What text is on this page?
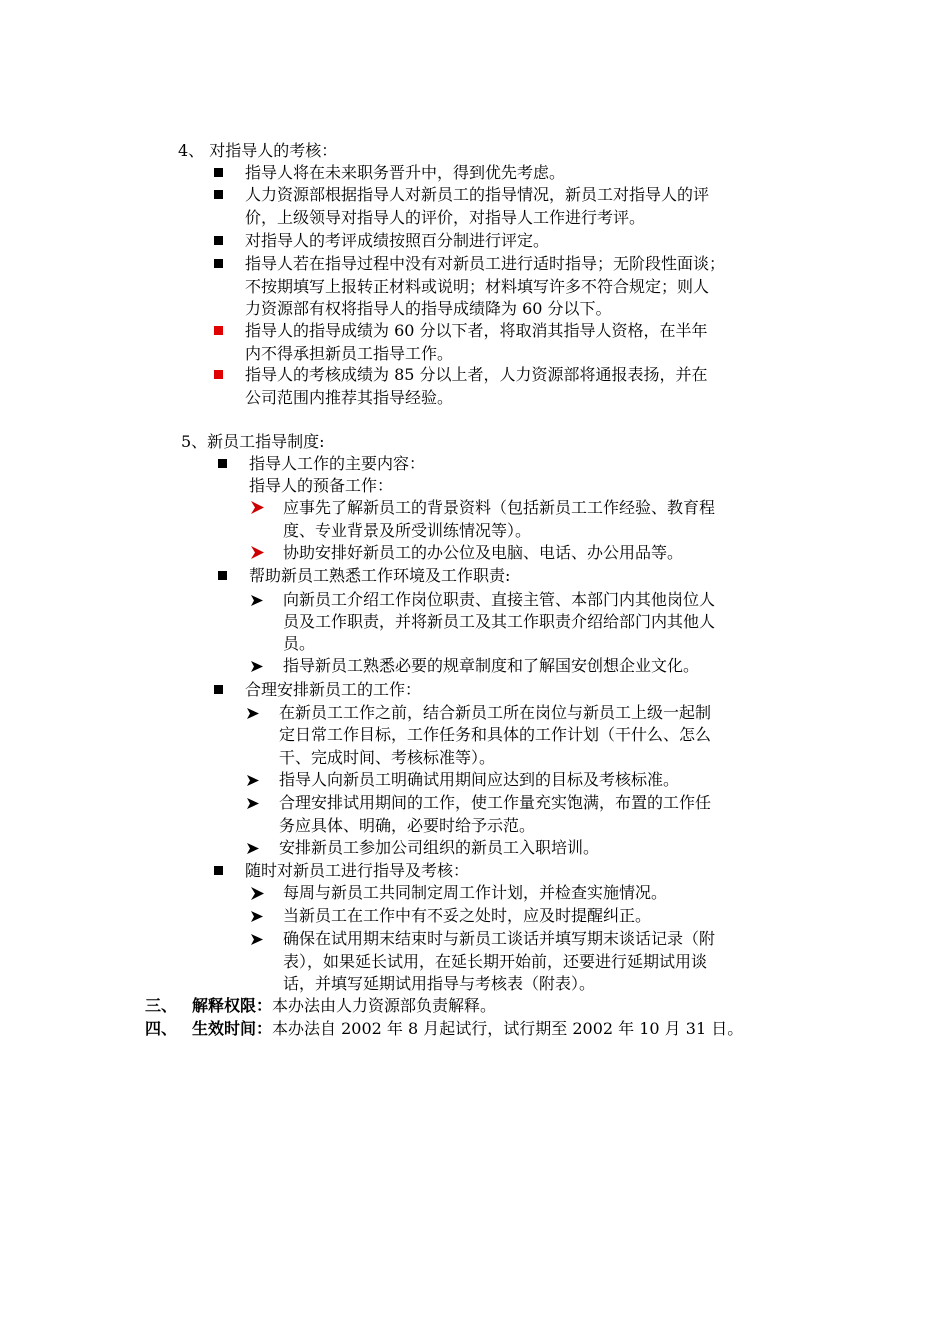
4、 对指导人的考核：
指导人将在未来职务晋升中，得到优先考虑。
人力资源部根据指导人对新员工的指导情况，新员工对指导人的评
价，上级领导对指导人的评价，对指导人工作进行考评。
对指导人的考评成绩按照百分制进行评定。
指导人若在指导过程中没有对新员工进行适时指导；无阶段性面谈；
不按期填写上报转正材料或说明；材料填写许多不符合规定；则人
力资源部有权将指导人的指导成绩降为 60 分以下。
指导人的指导成绩为 60 分以下者，将取消其指导人资格，在半年
内不得承担新员工指导工作。
指导人的考核成绩为 85 分以上者，人力资源部将通报表扬，并在
公司范围内推荐其指导经验。
5、新员工指导制度:
指导人工作的主要内容：
指导人的预备工作：
应事先了解新员工的背景资料（包括新员工工作经验、教育程
度、专业背景及所受训练情况等）。
协助安排好新员工的办公位及电脑、电话、办公用品等。
帮助新员工熟悉工作环境及工作职责:
向新员工介绍工作岗位职责、直接主管、本部门内其他岗位人
员及工作职责，并将新员工及其工作职责介绍给部门内其他人
员。
指导新员工熟悉必要的规章制度和了解国安创想企业文化。
合理安排新员工的工作：
在新员工工作之前，结合新员工所在岗位与新员工上级一起制
定日常工作目标，工作任务和具体的工作计划（干什么、怎么
干、完成时间、考核标准等）。
指导人向新员工明确试用期间应达到的目标及考核标准。
合理安排试用期间的工作，使工作量充实饱满，布置的工作任
务应具体、明确，必要时给予示范。
安排新员工参加公司组织的新员工入职培训。
随时对新员工进行指导及考核：
每周与新员工共同制定周工作计划，并检查实施情况。
当新员工在工作中有不妥之处时，应及时提醒纠正。
确保在试用期末结束时与新员工谈话并填写期末谈话记录（附
表），如果延长试用，在延长期开始前，还要进行延期试用谈
话，并填写延期试用指导与考核表（附表）。
三、 解释权限：本办法由人力资源部负责解释。
四、 生效时间：本办法自 2002 年 8 月起试行，试行期至 2002 年 10 月 31 日。
